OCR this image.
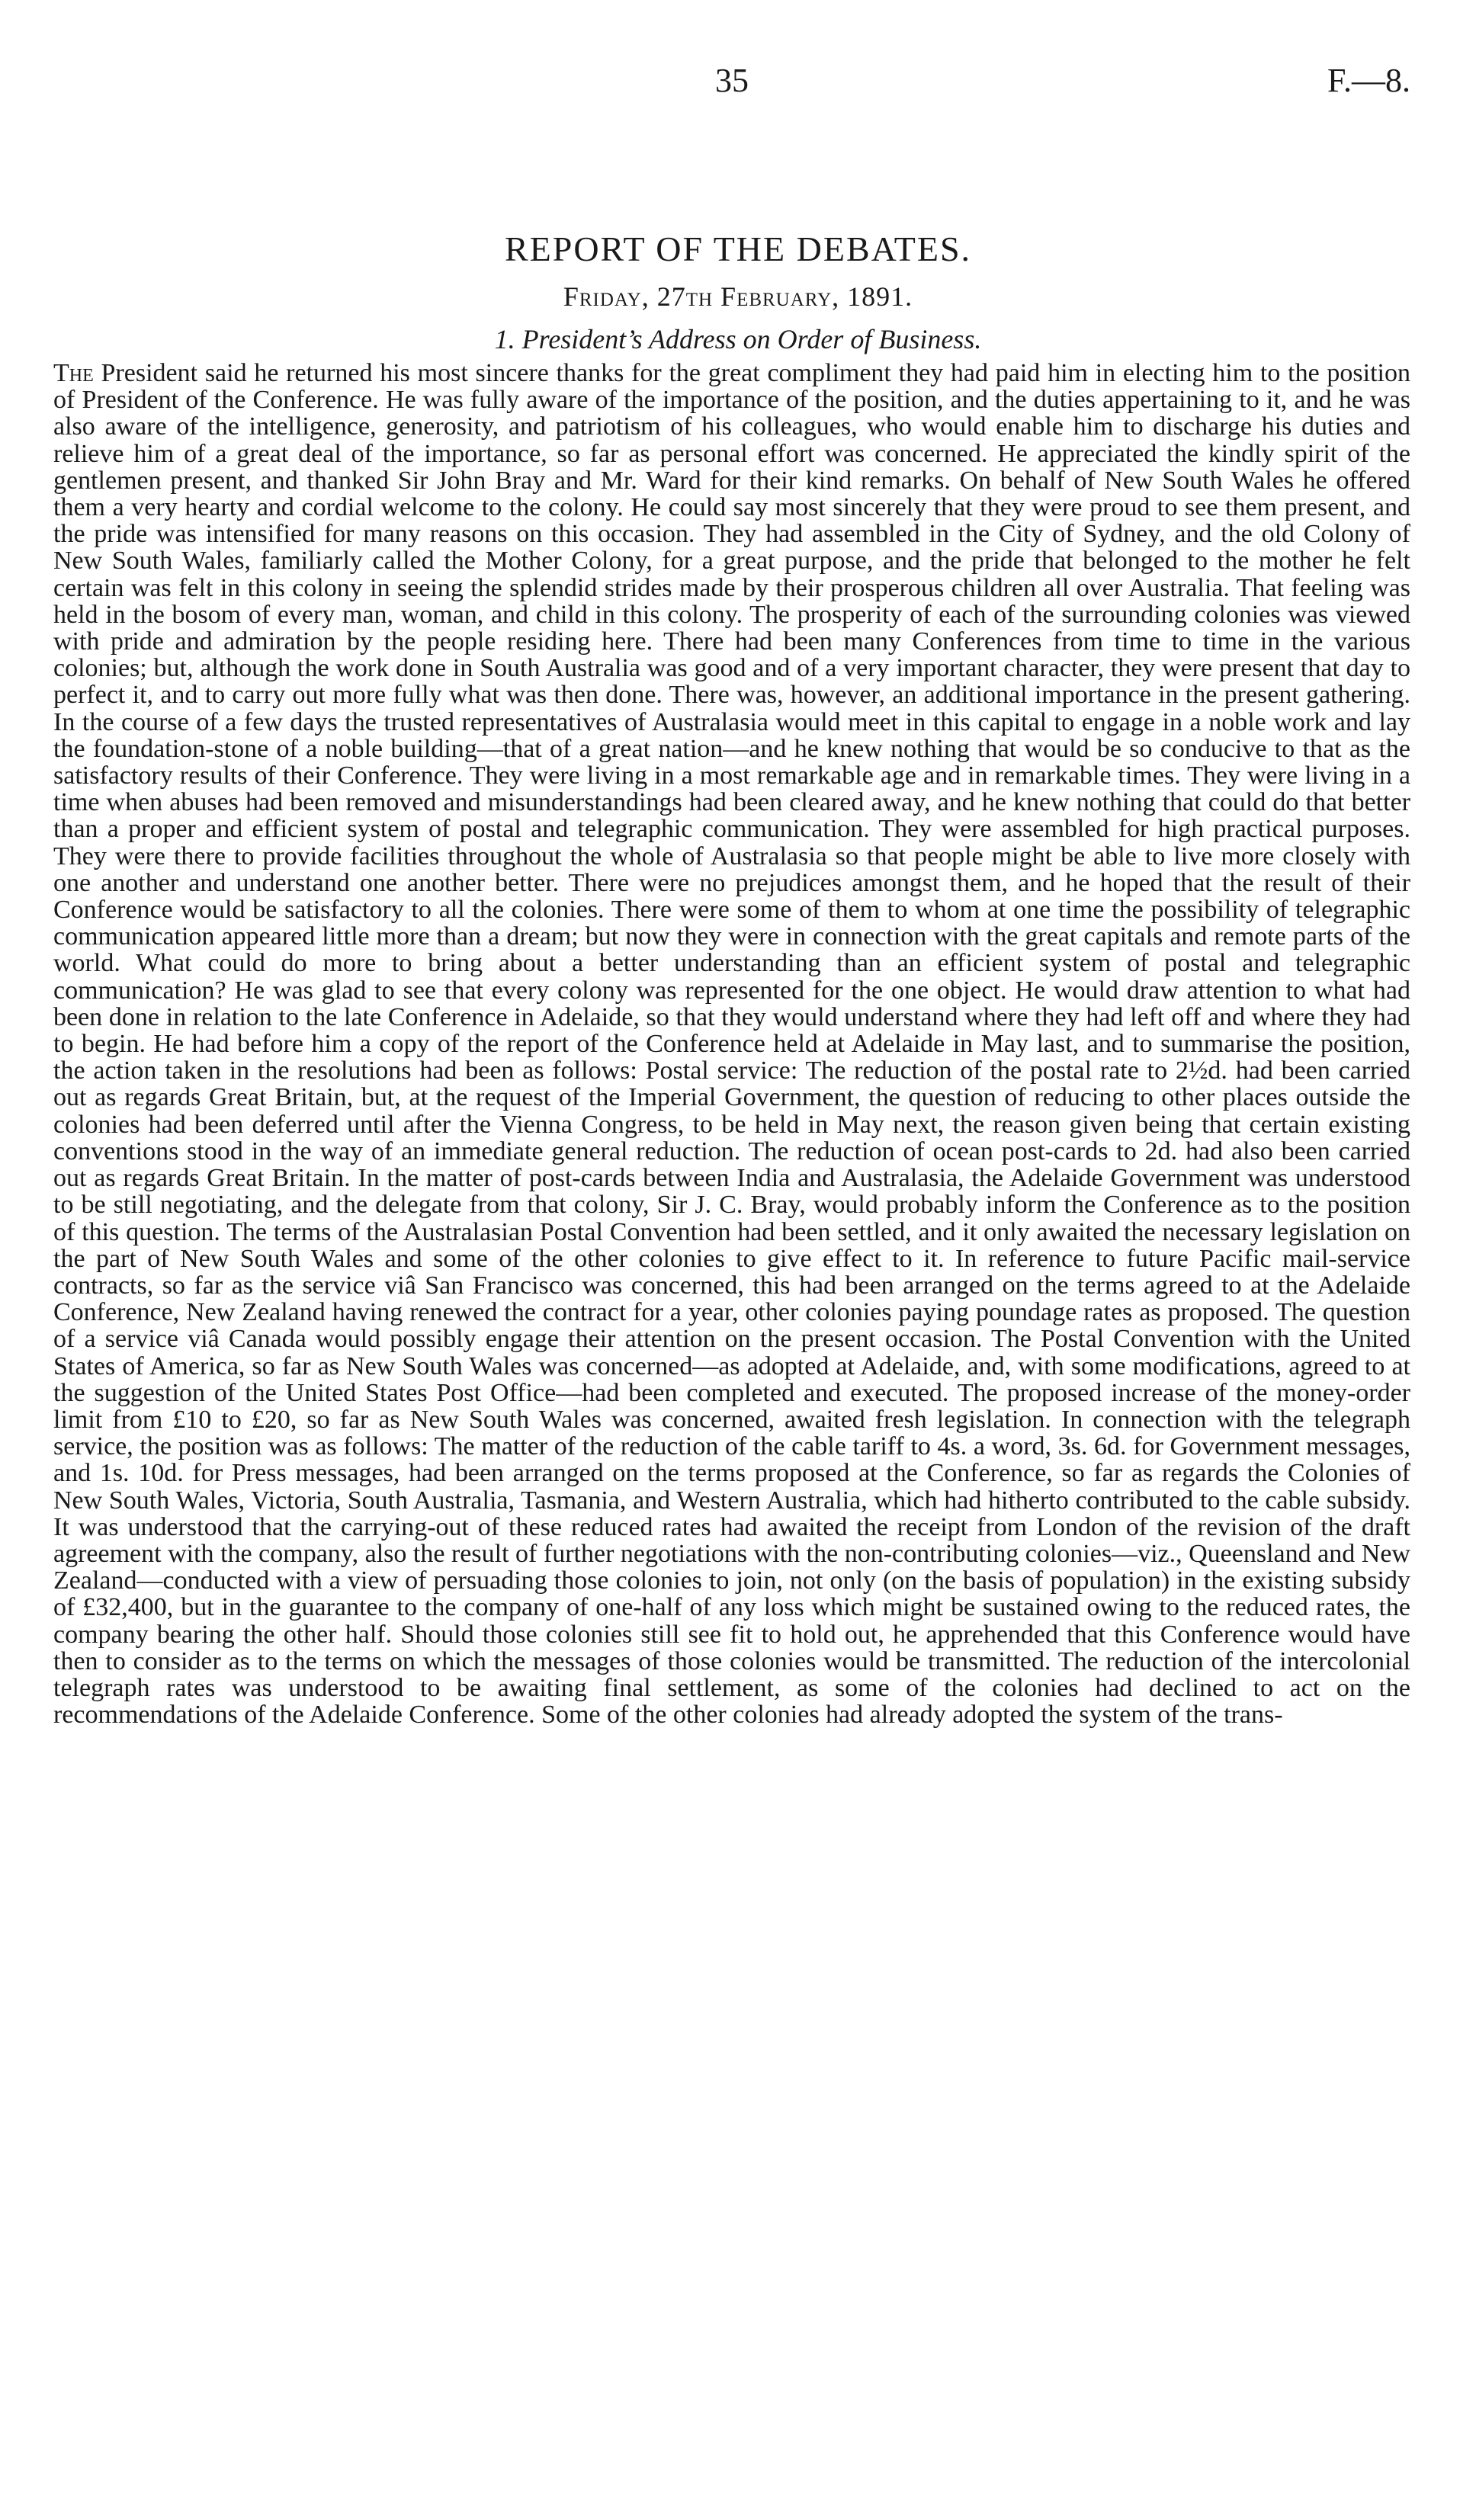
35	F.—8.
REPORT OF THE DEBATES.
Friday, 27th February, 1891.
1. President’s Address on Order of Business.
The President said he returned his most sincere thanks for the great compliment they had paid him in electing him to the position of President of the Conference. He was fully aware of the importance of the position, and the duties appertaining to it, and he was also aware of the intelligence, generosity, and patriotism of his colleagues, who would enable him to discharge his duties and relieve him of a great deal of the importance, so far as personal effort was concerned. He appreciated the kindly spirit of the gentlemen present, and thanked Sir John Bray and Mr. Ward for their kind remarks. On behalf of New South Wales he offered them a very hearty and cordial welcome to the colony. He could say most sincerely that they were proud to see them present, and the pride was intensified for many reasons on this occasion. They had assembled in the City of Sydney, and the old Colony of New South Wales, familiarly called the Mother Colony, for a great purpose, and the pride that belonged to the mother he felt certain was felt in this colony in seeing the splendid strides made by their prosperous children all over Australia. That feeling was held in the bosom of every man, woman, and child in this colony. The prosperity of each of the surrounding colonies was viewed with pride and admiration by the people residing here. There had been many Conferences from time to time in the various colonies; but, although the work done in South Australia was good and of a very important character, they were present that day to perfect it, and to carry out more fully what was then done. There was, however, an additional importance in the present gathering. In the course of a few days the trusted representatives of Australasia would meet in this capital to engage in a noble work and lay the foundation-stone of a noble building—that of a great nation—and he knew nothing that would be so conducive to that as the satisfactory results of their Conference. They were living in a most remarkable age and in remarkable times. They were living in a time when abuses had been removed and misunderstandings had been cleared away, and he knew nothing that could do that better than a proper and efficient system of postal and telegraphic communication. They were assembled for high practical purposes. They were there to provide facilities throughout the whole of Australasia so that people might be able to live more closely with one another and understand one another better. There were no prejudices amongst them, and he hoped that the result of their Conference would be satisfactory to all the colonies. There were some of them to whom at one time the possibility of telegraphic communication appeared little more than a dream; but now they were in connection with the great capitals and remote parts of the world. What could do more to bring about a better understanding than an efficient system of postal and telegraphic communication? He was glad to see that every colony was represented for the one object. He would draw attention to what had been done in relation to the late Conference in Adelaide, so that they would understand where they had left off and where they had to begin. He had before him a copy of the report of the Conference held at Adelaide in May last, and to summarise the position, the action taken in the resolutions had been as follows: Postal service: The reduction of the postal rate to 2½d. had been carried out as regards Great Britain, but, at the request of the Imperial Government, the question of reducing to other places outside the colonies had been deferred until after the Vienna Congress, to be held in May next, the reason given being that certain existing conventions stood in the way of an immediate general reduction. The reduction of ocean post-cards to 2d. had also been carried out as regards Great Britain. In the matter of post-cards between India and Australasia, the Adelaide Government was understood to be still negotiating, and the delegate from that colony, Sir J. C. Bray, would probably inform the Conference as to the position of this question. The terms of the Australasian Postal Convention had been settled, and it only awaited the necessary legislation on the part of New South Wales and some of the other colonies to give effect to it. In reference to future Pacific mail-service contracts, so far as the service viâ San Francisco was concerned, this had been arranged on the terms agreed to at the Adelaide Conference, New Zealand having renewed the contract for a year, other colonies paying poundage rates as proposed. The question of a service viâ Canada would possibly engage their attention on the present occasion. The Postal Convention with the United States of America, so far as New South Wales was concerned—as adopted at Adelaide, and, with some modifications, agreed to at the suggestion of the United States Post Office—had been completed and executed. The proposed increase of the money-order limit from £10 to £20, so far as New South Wales was concerned, awaited fresh legislation. In connection with the telegraph service, the position was as follows: The matter of the reduction of the cable tariff to 4s. a word, 3s. 6d. for Government messages, and 1s. 10d. for Press messages, had been arranged on the terms proposed at the Conference, so far as regards the Colonies of New South Wales, Victoria, South Australia, Tasmania, and Western Australia, which had hitherto contributed to the cable subsidy. It was understood that the carrying-out of these reduced rates had awaited the receipt from London of the revision of the draft agreement with the company, also the result of further negotiations with the non-contributing colonies—viz., Queensland and New Zealand—conducted with a view of persuading those colonies to join, not only (on the basis of population) in the existing subsidy of £32,400, but in the guarantee to the company of one-half of any loss which might be sustained owing to the reduced rates, the company bearing the other half. Should those colonies still see fit to hold out, he apprehended that this Conference would have then to consider as to the terms on which the messages of those colonies would be transmitted. The reduction of the intercolonial telegraph rates was understood to be awaiting final settlement, as some of the colonies had declined to act on the recommendations of the Adelaide Conference. Some of the other colonies had already adopted the system of the trans-
